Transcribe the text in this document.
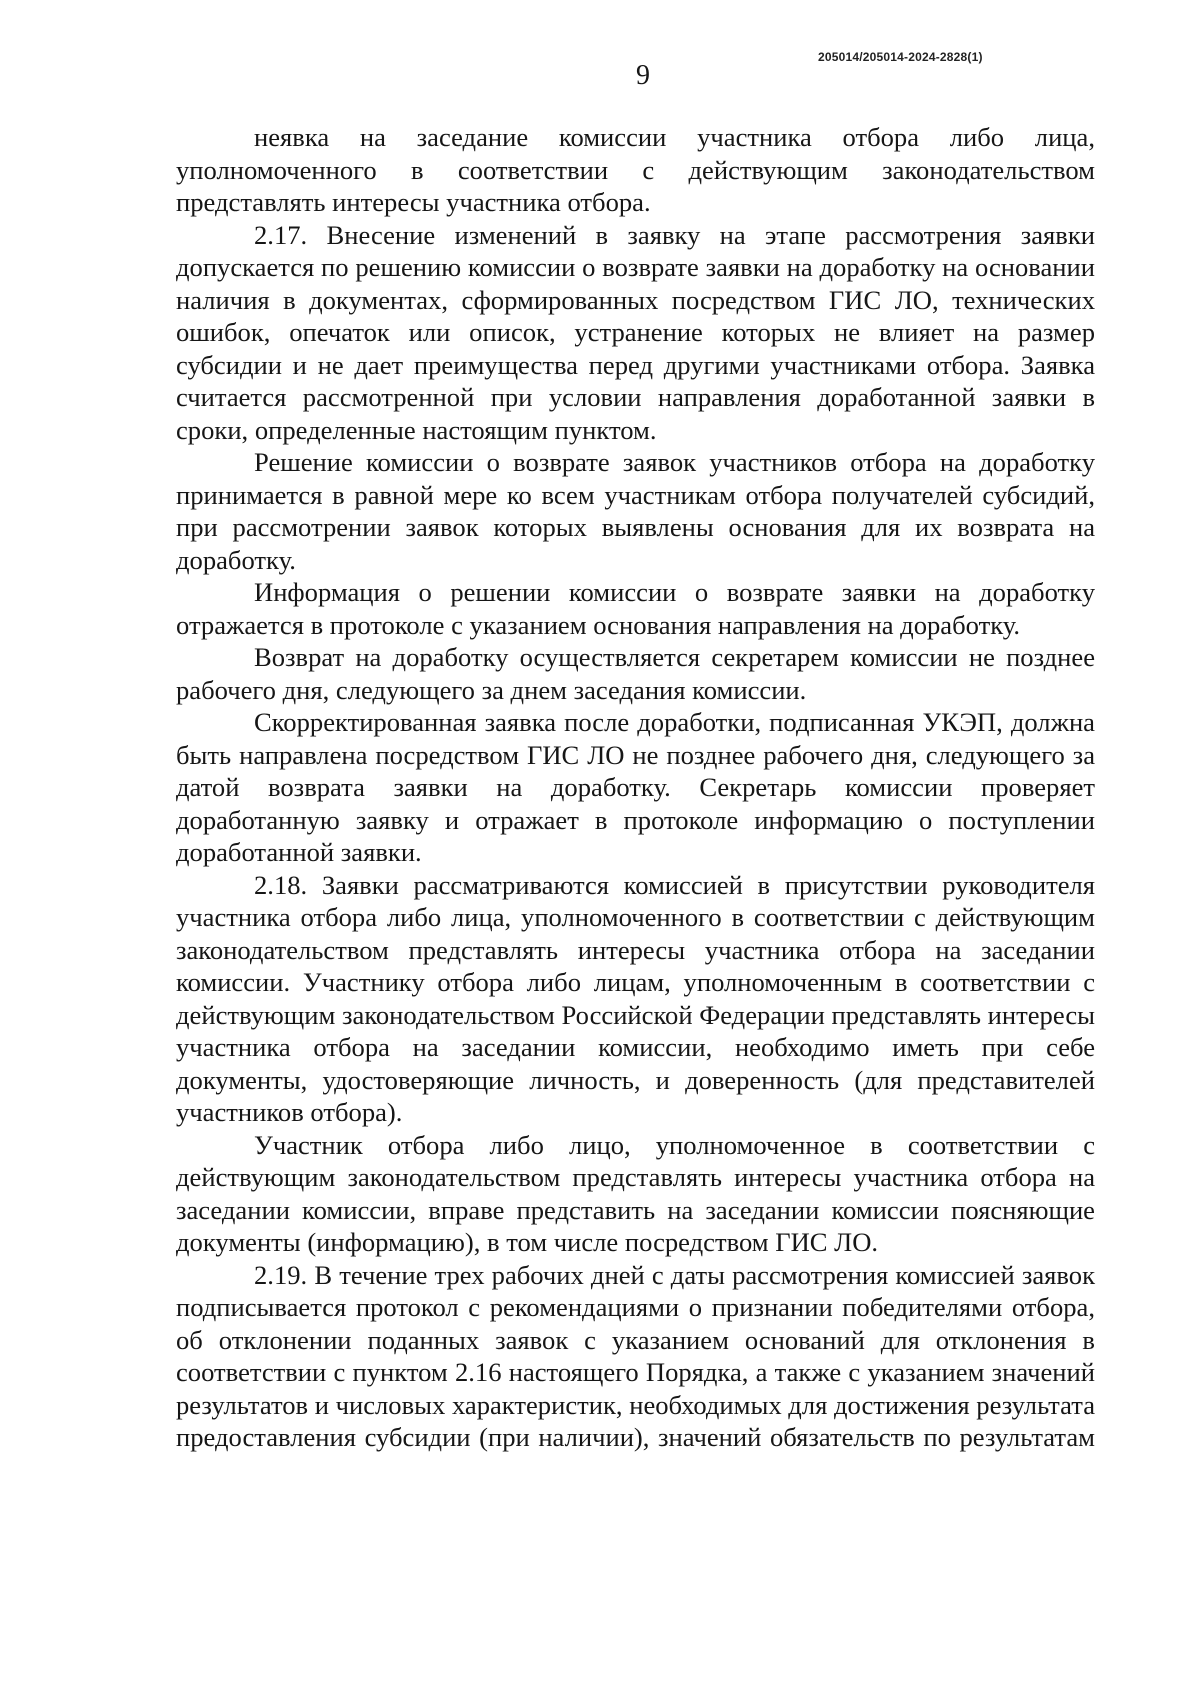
205014/205014-2024-2828(1)
9

неявка на заседание комиссии участника отбора либо лица, уполномоченного в соответствии с действующим законодательством представлять интересы участника отбора.

2.17. Внесение изменений в заявку на этапе рассмотрения заявки допускается по решению комиссии о возврате заявки на доработку на основании наличия в документах, сформированных посредством ГИС ЛО, технических ошибок, опечаток или описок, устранение которых не влияет на размер субсидии и не дает преимущества перед другими участниками отбора. Заявка считается рассмотренной при условии направления доработанной заявки в сроки, определенные настоящим пунктом.

Решение комиссии о возврате заявок участников отбора на доработку принимается в равной мере ко всем участникам отбора получателей субсидий, при рассмотрении заявок которых выявлены основания для их возврата на доработку.

Информация о решении комиссии о возврате заявки на доработку отражается в протоколе с указанием основания направления на доработку.

Возврат на доработку осуществляется секретарем комиссии не позднее рабочего дня, следующего за днем заседания комиссии.

Скорректированная заявка после доработки, подписанная УКЭП, должна быть направлена посредством ГИС ЛО не позднее рабочего дня, следующего за датой возврата заявки на доработку. Секретарь комиссии проверяет доработанную заявку и отражает в протоколе информацию о поступлении доработанной заявки.

2.18. Заявки рассматриваются комиссией в присутствии руководителя участника отбора либо лица, уполномоченного в соответствии с действующим законодательством представлять интересы участника отбора на заседании комиссии. Участнику отбора либо лицам, уполномоченным в соответствии с действующим законодательством Российской Федерации представлять интересы участника отбора на заседании комиссии, необходимо иметь при себе документы, удостоверяющие личность, и доверенность (для представителей участников отбора).

Участник отбора либо лицо, уполномоченное в соответствии с действующим законодательством представлять интересы участника отбора на заседании комиссии, вправе представить на заседании комиссии поясняющие документы (информацию), в том числе посредством ГИС ЛО.

2.19. В течение трех рабочих дней с даты рассмотрения комиссией заявок подписывается протокол с рекомендациями о признании победителями отбора, об отклонении поданных заявок с указанием оснований для отклонения в соответствии с пунктом 2.16 настоящего Порядка, а также с указанием значений результатов и числовых характеристик, необходимых для достижения результата предоставления субсидии (при наличии), значений обязательств по результатам
